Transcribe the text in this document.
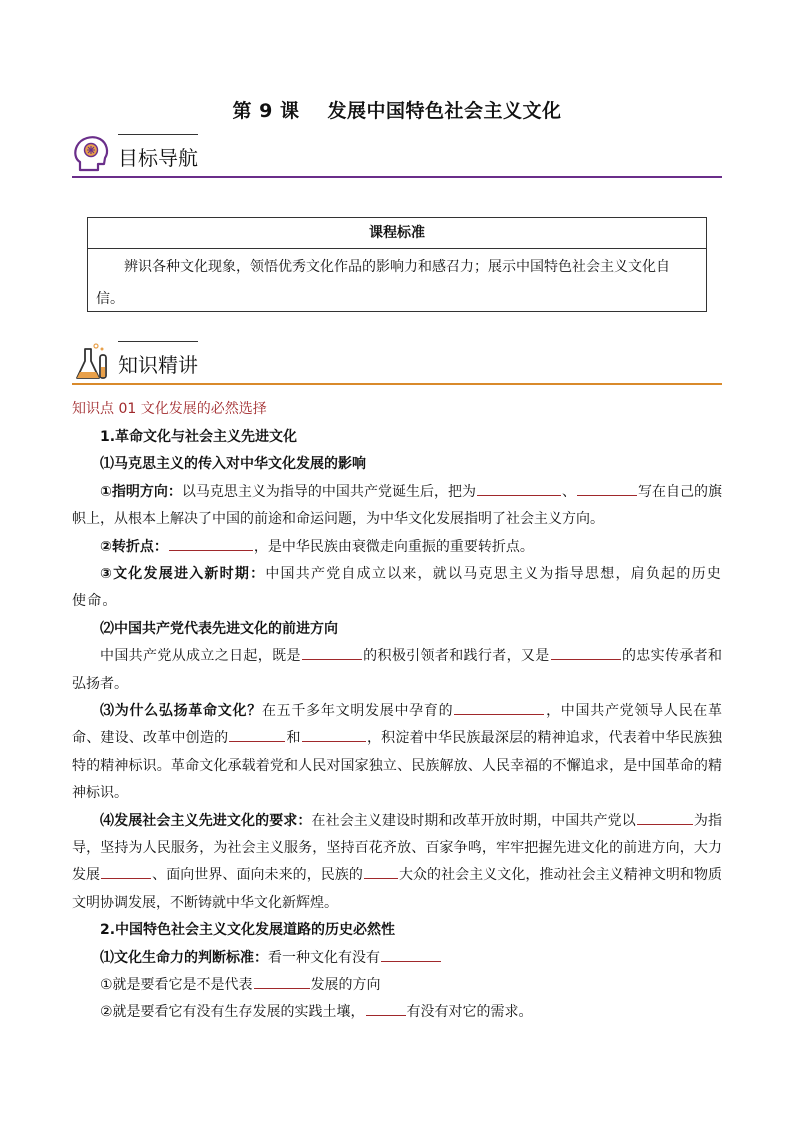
第 9 课 发展中国特色社会主义文化
目标导航
课程标准
辨识各种文化现象，领悟优秀文化作品的影响力和感召力；展示中国特色社会主义文化自信。
知识精讲
知识点 01 文化发展的必然选择
1.革命文化与社会主义先进文化
⑴马克思主义的传入对中华文化发展的影响

①指明方向：以马克思主义为指导的中国共产党诞生后，把为	、	写在自己的旗帜上，从根本上解决了中国的前途和命运问题，为中华文化发展指明了社会主义方向。

②转折点：	，是中华民族由衰微走向重振的重要转折点。

③文化发展进入新时期：中国共产党自成立以来，就以马克思主义为指导思想，肩负起的历史使命。

⑵中国共产党代表先进文化的前进方向

中国共产党从成立之日起，既是	的积极引领者和践行者，又是	的忠实传承者和弘扬者。

⑶为什么弘扬革命文化？在五千多年文明发展中孕育的	，中国共产党领导人民在革命、建设、改革中创造的	和	，积淀着中华民族最深层的精神追求，代表着中华民族独特的精神标识。革命文化承载着党和人民对国家独立、民族解放、人民幸福的不懈追求，是中国革命的精神标识。

⑷发展社会主义先进文化的要求：在社会主义建设时期和改革开放时期，中国共产党以	为指导，坚持为人民服务，为社会主义服务，坚持百花齐放、百家争鸣，牢牢把握先进文化的前进方向，大力发展	、面向世界、面向未来的，民族的	大众的社会主义文化，推动社会主义精神文明和物质文明协调发展，不断铸就中华文化新辉煌。

2.中国特色社会主义文化发展道路的历史必然性
⑴文化生命力的判断标准：看一种文化有没有
①就是要看它是不是代表	发展的方向
②就是要看它有没有生存发展的实践土壤，	有没有对它的需求。
